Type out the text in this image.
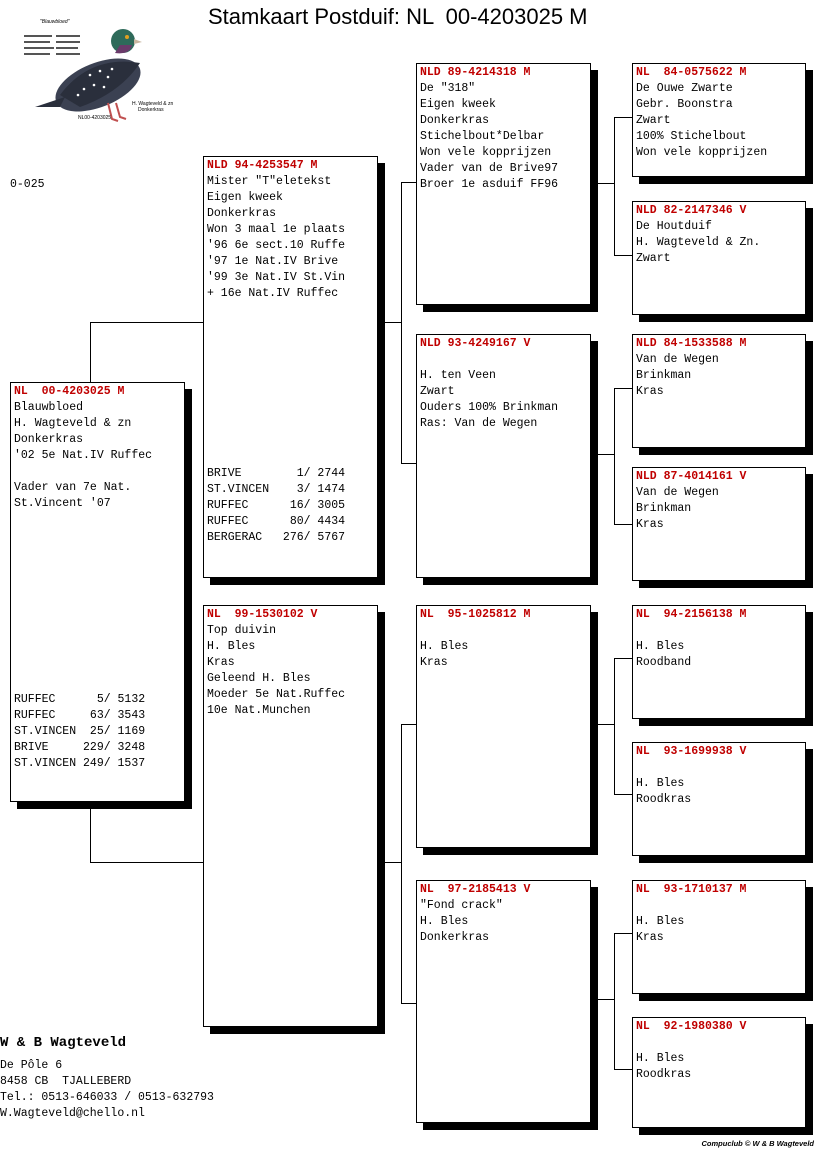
Stamkaart Postduif: NL  00-4203025 M
"Blauwbloed"
NL00-4203025
H. Wagteveld & zn
Donkerkras
0-025
NL  00-4203025 M
Blauwbloed
H. Wagteveld & zn
Donkerkras
'02 5e Nat.IV Ruffec
Vader van 7e Nat.
St.Vincent '07
RUFFEC      5/ 5132
RUFFEC     63/ 3543
ST.VINCEN  25/ 1169
BRIVE     229/ 3248
ST.VINCEN 249/ 1537
NLD 94-4253547 M
Mister "T"eletekst
Eigen kweek
Donkerkras
Won 3 maal 1e plaats
'96 6e sect.10 Ruffe
'97 1e Nat.IV Brive
'99 3e Nat.IV St.Vin
+ 16e Nat.IV Ruffec
BRIVE        1/ 2744
ST.VINCEN    3/ 1474
RUFFEC      16/ 3005
RUFFEC      80/ 4434
BERGERAC   276/ 5767
NL  99-1530102 V
Top duivin
H. Bles
Kras
Geleend H. Bles
Moeder 5e Nat.Ruffec
10e Nat.Munchen
NLD 89-4214318 M
De "318"
Eigen kweek
Donkerkras
Stichelbout*Delbar
Won vele kopprijzen
Vader van de Brive97
Broer 1e asduif FF96
NLD 93-4249167 V
H. ten Veen
Zwart
Ouders 100% Brinkman
Ras: Van de Wegen
NL  95-1025812 M
H. Bles
Kras
NL  97-2185413 V
"Fond crack"
H. Bles
Donkerkras
NL  84-0575622 M
De Ouwe Zwarte
Gebr. Boonstra
Zwart
100% Stichelbout
Won vele kopprijzen
NLD 82-2147346 V
De Houtduif
H. Wagteveld & Zn.
Zwart
NLD 84-1533588 M
Van de Wegen
Brinkman
Kras
NLD 87-4014161 V
Van de Wegen
Brinkman
Kras
NL  94-2156138 M
H. Bles
Roodband
NL  93-1699938 V
H. Bles
Roodkras
NL  93-1710137 M
H. Bles
Kras
NL  92-1980380 V
H. Bles
Roodkras
W & B Wagteveld
De Pôle 6
8458 CB  TJALLEBERD
Tel.: 0513-646033 / 0513-632793
W.Wagteveld@chello.nl
Compuclub © W & B Wagteveld
